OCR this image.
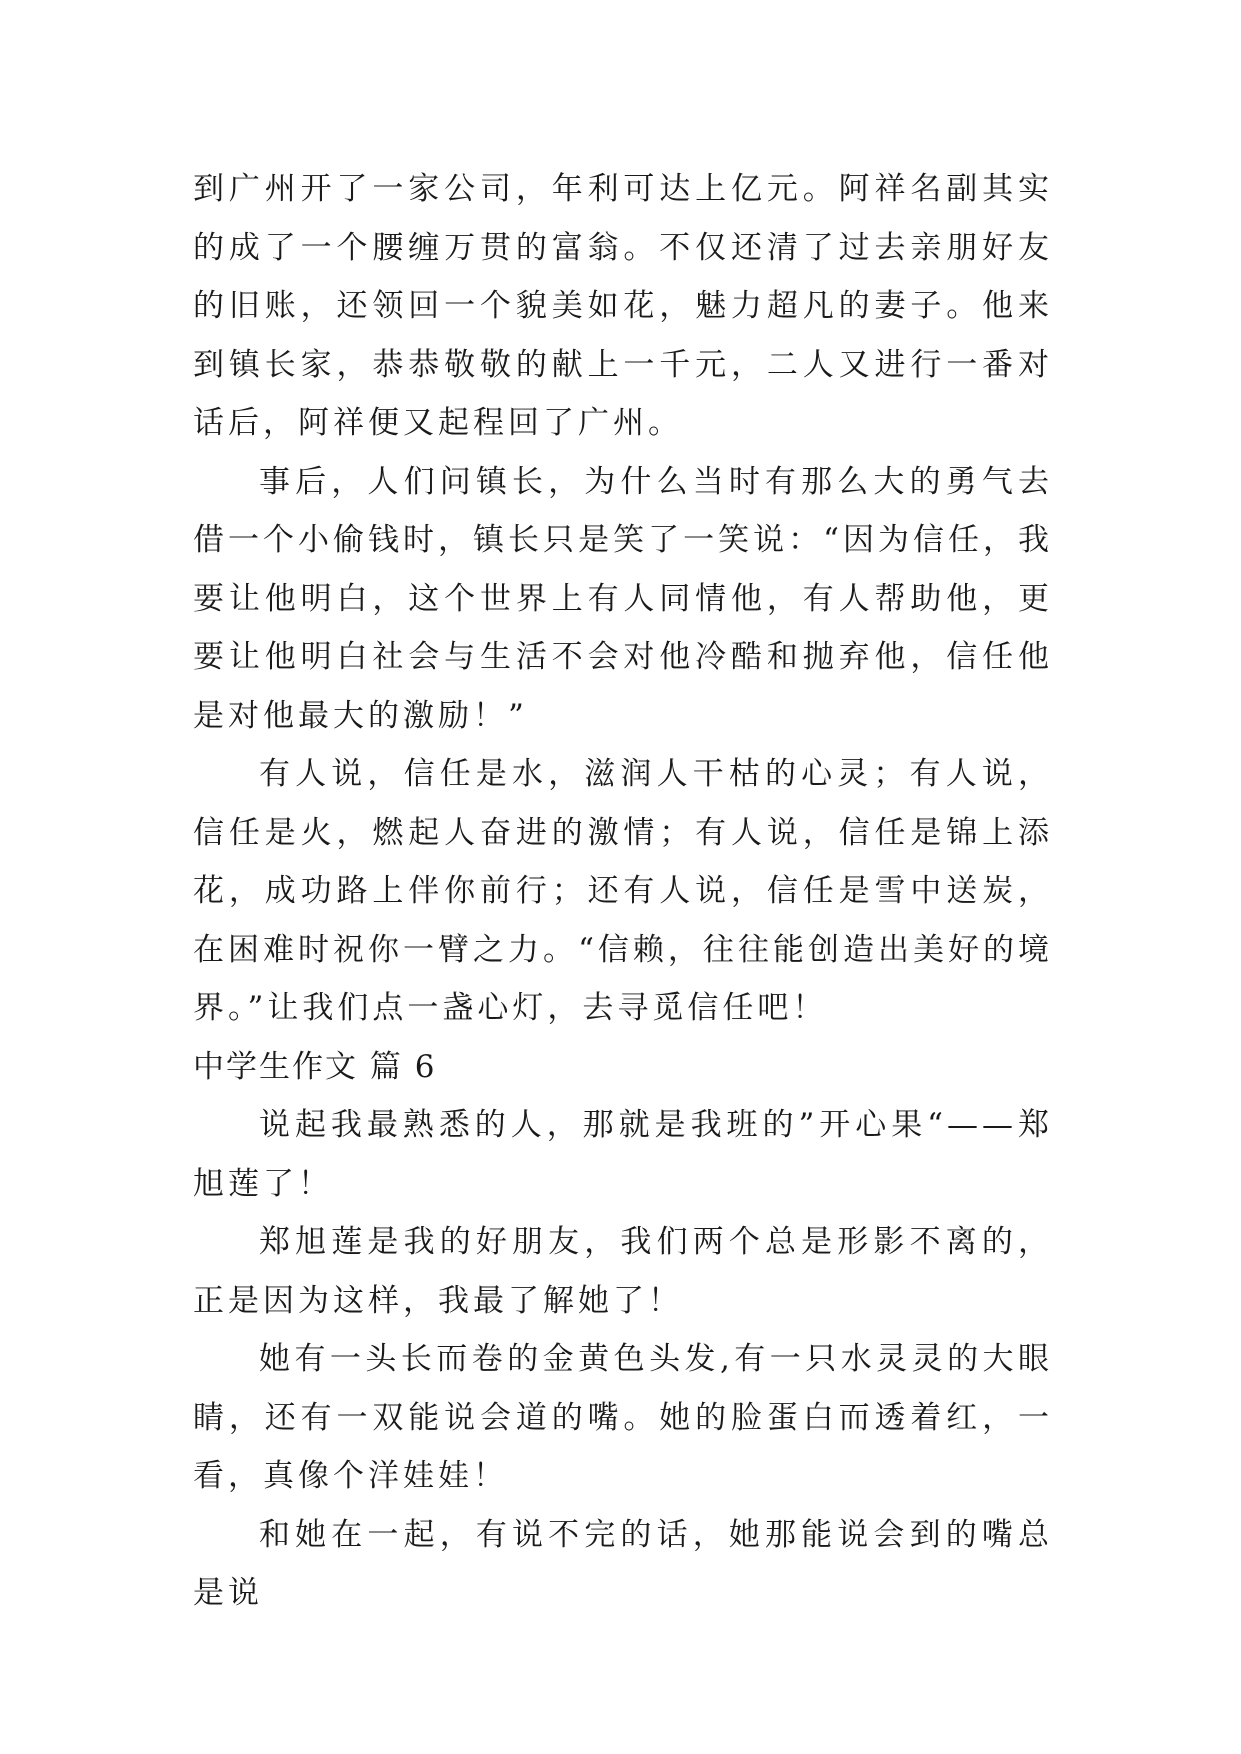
到广州开了一家公司，年利可达上亿元。阿祥名副其实的成了一个腰缠万贯的富翁。不仅还清了过去亲朋好友的旧账，还领回一个貌美如花，魅力超凡的妻子。他来到镇长家，恭恭敬敬的献上一千元，二人又进行一番对话后，阿祥便又起程回了广州。

事后，人们问镇长，为什么当时有那么大的勇气去借一个小偷钱时，镇长只是笑了一笑说：“因为信任，我要让他明白，这个世界上有人同情他，有人帮助他，更要让他明白社会与生活不会对他冷酷和抛弃他，信任他是对他最大的激励！”

有人说，信任是水，滋润人干枯的心灵；有人说，信任是火，燃起人奋进的激情；有人说，信任是锦上添花，成功路上伴你前行；还有人说，信任是雪中送炭，在困难时祝你一臂之力。“信赖，往往能创造出美好的境界。”让我们点一盏心灯，去寻觅信任吧！

中学生作文 篇 6

说起我最熟悉的人，那就是我班的”开心果“——郑旭莲了！

郑旭莲是我的好朋友，我们两个总是形影不离的，正是因为这样，我最了解她了！

她有一头长而卷的金黄色头发,有一只水灵灵的大眼睛，还有一双能说会道的嘴。她的脸蛋白而透着红，一看，真像个洋娃娃！

和她在一起，有说不完的话，她那能说会到的嘴总是说
